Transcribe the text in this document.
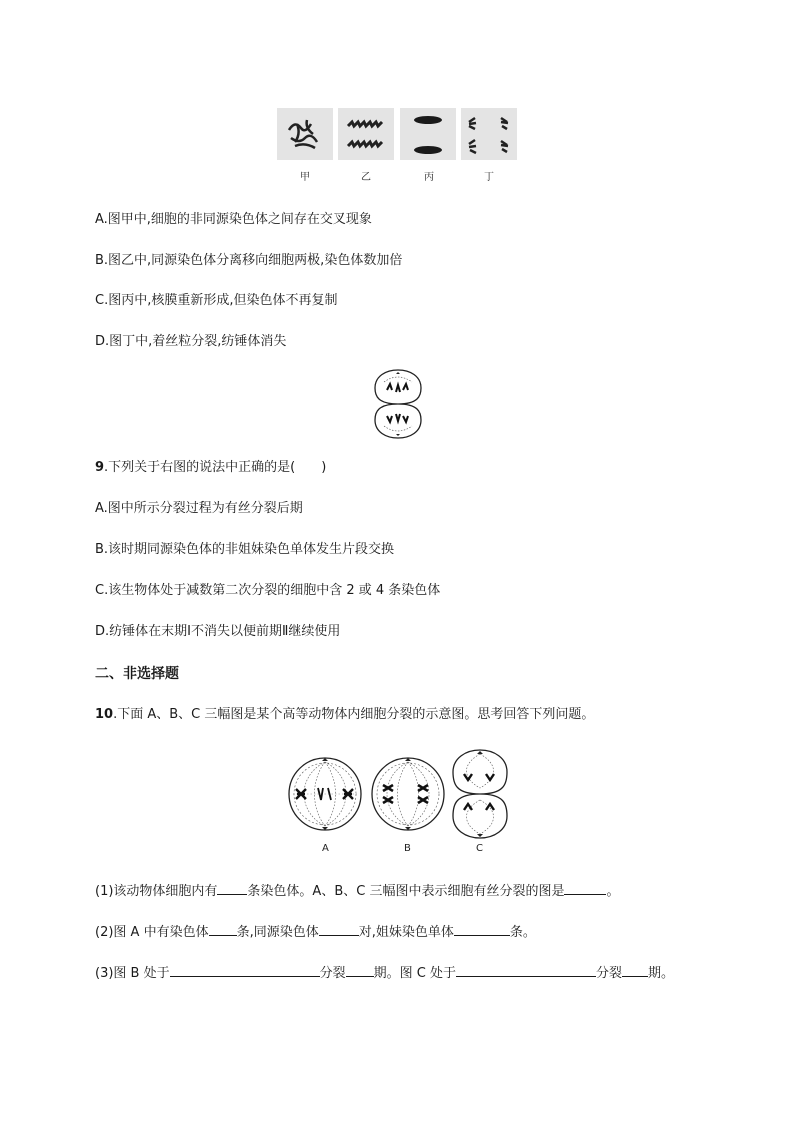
甲	乙	丙	丁
A.图甲中,细胞的非同源染色体之间存在交叉现象
B.图乙中,同源染色体分离移向细胞两极,染色体数加倍
C.图丙中,核膜重新形成,但染色体不再复制
D.图丁中,着丝粒分裂,纺锤体消失
9.下列关于右图的说法中正确的是(　　)
A.图中所示分裂过程为有丝分裂后期
B.该时期同源染色体的非姐妹染色单体发生片段交换
C.该生物体处于减数第二次分裂的细胞中含 2 或 4 条染色体
D.纺锤体在末期Ⅰ不消失以便前期Ⅱ继续使用
二、非选择题
10.下面 A、B、C 三幅图是某个高等动物体内细胞分裂的示意图。思考回答下列问题。
A	B	C
(1)该动物体细胞内有 条染色体。A、B、C 三幅图中表示细胞有丝分裂的图是	。
(2)图 A 中有染色体 条,同源染色体	对,姐妹染色单体	条。
(3)图 B 处于	分裂 期。图 C 处于	分裂 期。
